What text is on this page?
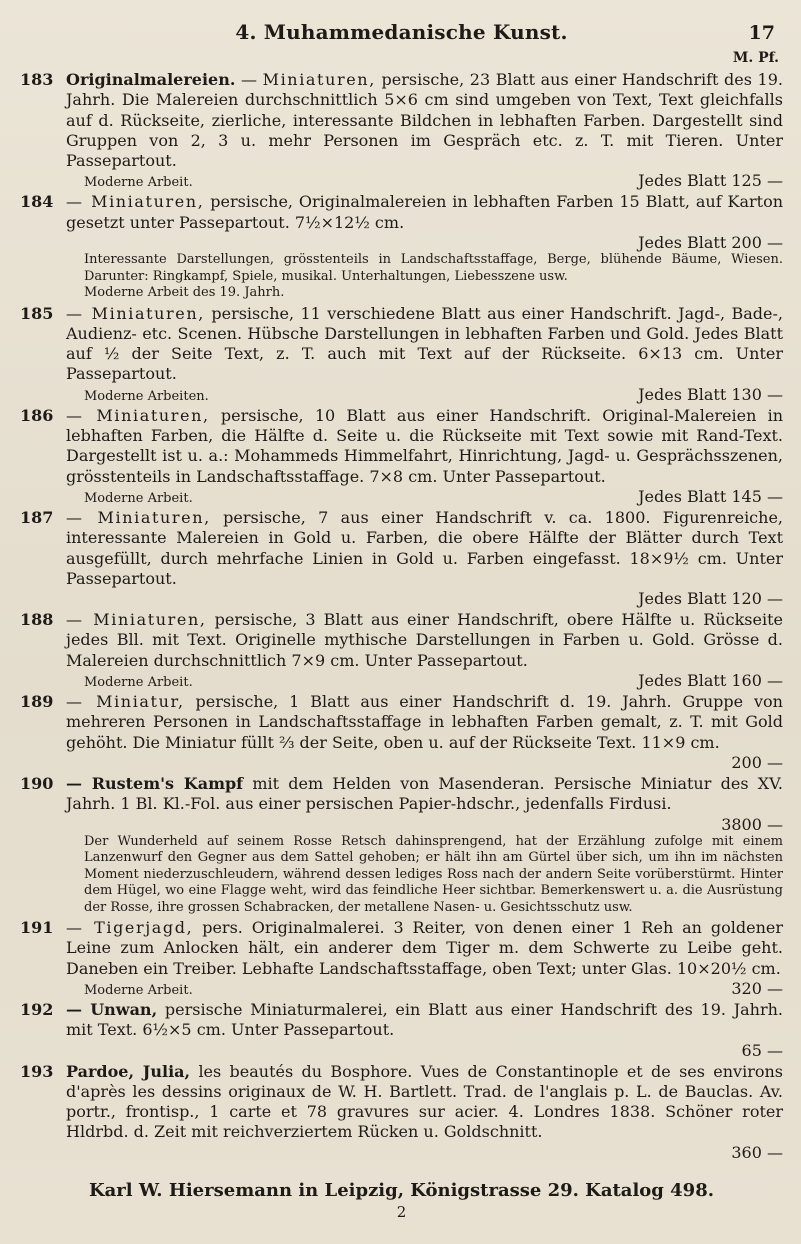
4. Muhammedanische Kunst.	17
M. Pf.
183 Originalmalereien. — Miniaturen, persische, 23 Blatt aus einer Handschrift des 19. Jahrh. Die Malereien durchschnittlich 5×6 cm sind umgeben von Text, Text gleichfalls auf d. Rückseite, zierliche, interessante Bildchen in lebhaften Farben. Dargestellt sind Gruppen von 2, 3 u. mehr Personen im Gespräch etc. z. T. mit Tieren. Unter Passepartout.
Moderne Arbeit.	Jedes Blatt 125 —
184 — Miniaturen, persische, Originalmalereien in lebhaften Farben 15 Blatt, auf Karton gesetzt unter Passepartout. 7½×12½ cm.
Jedes Blatt 200 —
Interessante Darstellungen, grösstenteils in Landschaftsstaffage, Berge, blühende Bäume, Wiesen. Darunter: Ringkampf, Spiele, musikal. Unterhaltungen, Liebesszene usw.
Moderne Arbeit des 19. Jahrh.
185 — Miniaturen, persische, 11 verschiedene Blatt aus einer Handschrift. Jagd-, Bade-, Audienz- etc. Scenen. Hübsche Darstellungen in lebhaften Farben und Gold. Jedes Blatt auf ½ der Seite Text, z. T. auch mit Text auf der Rückseite. 6×13 cm. Unter Passepartout.
Moderne Arbeiten.	Jedes Blatt 130 —
186 — Miniaturen, persische, 10 Blatt aus einer Handschrift. Original-Malereien in lebhaften Farben, die Hälfte d. Seite u. die Rückseite mit Text sowie mit Rand-Text. Dargestellt ist u. a.: Mohammeds Himmelfahrt, Hinrichtung, Jagd- u. Gesprächsszenen, grösstenteils in Landschaftsstaffage. 7×8 cm. Unter Passepartout.
Moderne Arbeit.	Jedes Blatt 145 —
187 — Miniaturen, persische, 7 aus einer Handschrift v. ca. 1800. Figurenreiche, interessante Malereien in Gold u. Farben, die obere Hälfte der Blätter durch Text ausgefüllt, durch mehrfache Linien in Gold u. Farben eingefasst. 18×9½ cm. Unter Passepartout.
Jedes Blatt 120 —
188 — Miniaturen, persische, 3 Blatt aus einer Handschrift, obere Hälfte u. Rückseite jedes Bll. mit Text. Originelle mythische Darstellungen in Farben u. Gold. Grösse d. Malereien durchschnittlich 7×9 cm. Unter Passepartout.
Moderne Arbeit.	Jedes Blatt 160 —
189 — Miniatur, persische, 1 Blatt aus einer Handschrift d. 19. Jahrh. Gruppe von mehreren Personen in Landschaftsstaffage in lebhaften Farben gemalt, z. T. mit Gold gehöht. Die Miniatur füllt ⅔ der Seite, oben u. auf der Rückseite Text. 11×9 cm.
200 —
190 — Rustem's Kampf mit dem Helden von Masenderan. Persische Miniatur des XV. Jahrh. 1 Bl. Kl.-Fol. aus einer persischen Papier-hdschr., jedenfalls Firdusi.
3800 —
Der Wunderheld auf seinem Rosse Retsch dahinsprengend, hat der Erzählung zufolge mit einem Lanzenwurf den Gegner aus dem Sattel gehoben; er hält ihn am Gürtel über sich, um ihn im nächsten Moment niederzuschleudern, während dessen lediges Ross nach der andern Seite vorüberstürmt. Hinter dem Hügel, wo eine Flagge weht, wird das feindliche Heer sichtbar. Bemerkenswert u. a. die Ausrüstung der Rosse, ihre grossen Schabracken, der metallene Nasen- u. Gesichtsschutz usw.
191 — Tigerjagd, pers. Originalmalerei. 3 Reiter, von denen einer 1 Reh an goldener Leine zum Anlocken hält, ein anderer dem Tiger m. dem Schwerte zu Leibe geht. Daneben ein Treiber. Lebhafte Landschaftsstaffage, oben Text; unter Glas. 10×20½ cm.
Moderne Arbeit.	320 —
192 — Unwan, persische Miniaturmalerei, ein Blatt aus einer Handschrift des 19. Jahrh. mit Text. 6½×5 cm. Unter Passepartout.
65 —
193 Pardoe, Julia, les beautés du Bosphore. Vues de Constantinople et de ses environs d'après les dessins originaux de W. H. Bartlett. Trad. de l'anglais p. L. de Bauclas. Av. portr., frontisp., 1 carte et 78 gravures sur acier. 4. Londres 1838. Schöner roter Hldrbd. d. Zeit mit reichverziertem Rücken u. Goldschnitt.
360 —
Karl W. Hiersemann in Leipzig, Königstrasse 29. Katalog 498.
2
